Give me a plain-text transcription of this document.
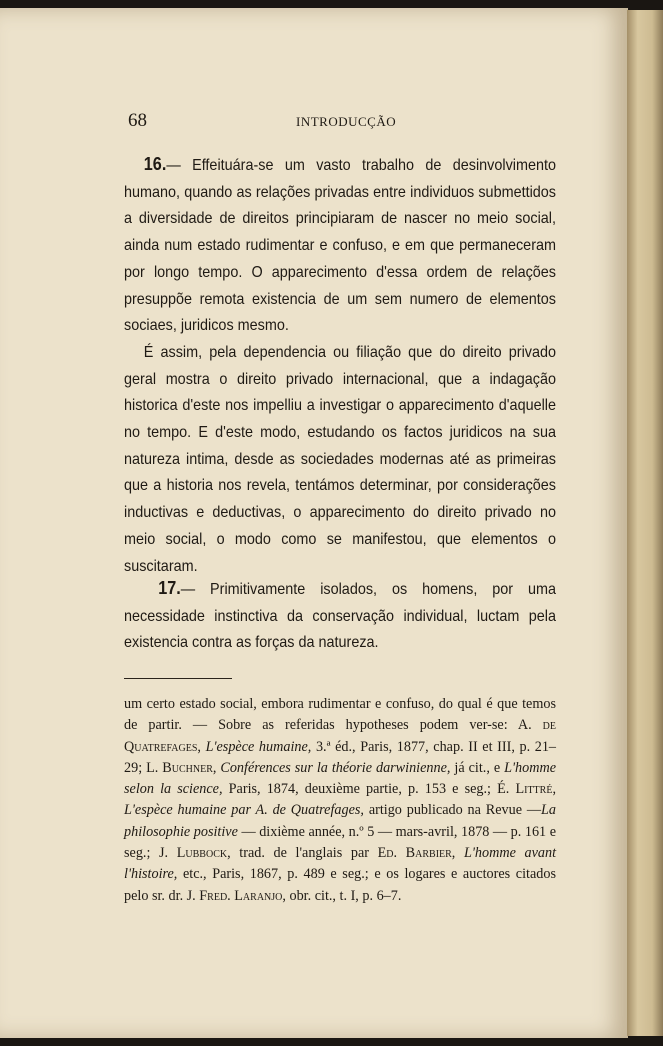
68	INTRODUCÇÃO

16.— Effeituára-se um vasto trabalho de desinvolvimento humano, quando as relações privadas entre individuos submettidos a diversidade de direitos principiaram de nascer no meio social, ainda num estado rudimentar e confuso, e em que permaneceram por longo tempo. O apparecimento d'essa ordem de relações presuppõe remota existencia de um sem numero de elementos sociaes, juridicos mesmo.

É assim, pela dependencia ou filiação que do direito privado geral mostra o direito privado internacional, que a indagação historica d'este nos impelliu a investigar o apparecimento d'aquelle no tempo. E d'este modo, estudando os factos juridicos na sua natureza intima, desde as sociedades modernas até as primeiras que a historia nos revela, tentámos determinar, por considerações inductivas e deductivas, o apparecimento do direito privado no meio social, o modo como se manifestou, que elementos o suscitaram.

17.— Primitivamente isolados, os homens, por uma necessidade instinctiva da conservação individual, luctam pela existencia contra as forças da natureza.

um certo estado social, embora rudimentar e confuso, do qual é que temos de partir. — Sobre as referidas hypotheses podem ver-se: A. de Quatrefages, L'espèce humaine, 3.ª éd., Paris, 1877, chap. II et III, p. 21–29; L. Buchner, Conférences sur la théorie darwinienne, já cit., e L'homme selon la science, Paris, 1874, deuxième partie, p. 153 e seg.; É. Littré, L'espèce humaine par A. de Quatrefages, artigo publicado na Revue —La philosophie positive — dixième année, n.º 5 — mars-avril, 1878 — p. 161 e seg.; J. Lubbock, trad. de l'anglais par Ed. Barbier, L'homme avant l'histoire, etc., Paris, 1867, p. 489 e seg.; e os logares e auctores citados pelo sr. dr. J. Fred. Laranjo, obr. cit., t. I, p. 6–7.
